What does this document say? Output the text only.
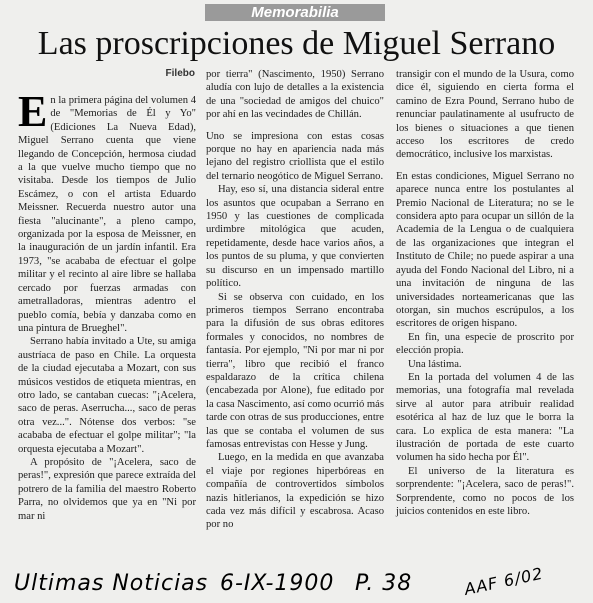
Memorabilia
Las proscripciones de Miguel Serrano
Filebo

En la primera página del volumen 4 de "Memorias de Él y Yo" (Ediciones La Nueva Edad), Miguel Serrano cuenta que viene llegando de Concepción, hermosa ciudad a la que vuelve mucho tiempo que no visitaba. Desde los tiempos de Julio Escámez, o con el artista Eduardo Meissner. Recuerda nuestro autor una fiesta "alucinante", a pleno campo, organizada por la esposa de Meissner, en la inauguración de un jardín infantil. Era 1973, "se acababa de efectuar el golpe militar y el recinto al aire libre se hallaba cercado por fuerzas armadas con ametralladoras, mientras adentro el pueblo comía, bebía y danzaba como en una pintura de Brueghel".

Serrano había invitado a Ute, su amiga austríaca de paso en Chile. La orquesta de la ciudad ejecutaba a Mozart, con sus músicos vestidos de etiqueta mientras, en otro lado, se cantaban cuecas: "¡Acelera, saco de peras. Aserrucha..., saco de peras otra vez...". Nótense dos verbos: "se acababa de efectuar el golpe militar"; "la orquesta ejecutaba a Mozart".

A propósito de "¡Acelera, saco de peras!", expresión que parece extraída del potrero de la familia del maestro Roberto Parra, no olvidemos que ya en "Ni por mar ni

por tierra" (Nascimento, 1950) Serrano aludía con lujo de detalles a la existencia de una "sociedad de amigos del chuico" por ahí en las vecindades de Chillán.

Uno se impresiona con estas cosas porque no hay en apariencia nada más lejano del registro criollista que el estilo del ternario neogótico de Miguel Serrano.

Hay, eso sí, una distancia sideral entre los asuntos que ocupaban a Serrano en 1950 y las cuestiones de complicada urdimbre mitológica que acuden, repetidamente, desde hace varios años, a los puntos de su pluma, y que convierten su discurso en un impensado martillo político.

Si se observa con cuidado, en los primeros tiempos Serrano encontraba para la difusión de sus obras editores formales y conocidos, no nombres de fantasía. Por ejemplo, "Ni por mar ni por tierra", libro que recibió el franco espaldarazo de la crítica chilena (encabezada por Alone), fue editado por la casa Nascimento, así como ocurrió más tarde con otras de sus producciones, entre las que se contaba el volumen de sus famosas entrevistas con Hesse y Jung.

Luego, en la medida en que avanzaba el viaje por regiones hiperbóreas en compañía de controvertidos símbolos nazis hitlerianos, la expedición se hizo cada vez más difícil y escabrosa. Acaso por no

transigir con el mundo de la Usura, como dice él, siguiendo en cierta forma el camino de Ezra Pound, Serrano hubo de renunciar paulatinamente al usufructo de los bienes o situaciones a que tienen acceso los escritores de credo democrático, inclusive los marxistas.

En estas condiciones, Miguel Serrano no aparece nunca entre los postulantes al Premio Nacional de Literatura; no se le considera apto para ocupar un sillón de la Academia de la Lengua o de cualquiera de las organizaciones que integran el Instituto de Chile; no puede aspirar a una ayuda del Fondo Nacional del Libro, ni a una invitación de ninguna de las universidades norteamericanas que las otorgan, sin muchos escrúpulos, a los escritores de origen hispano.

En fin, una especie de proscrito por elección propia.

Una lástima.

En la portada del volumen 4 de las memorias, una fotografía mal revelada sirve al autor para atribuir realidad esotérica al haz de luz que le borra la cara. Lo explica de esta manera: "La ilustración de portada de este cuarto volumen ha sido hecha por Él".

El universo de la literatura es sorprendente: "¡Acelera, saco de peras!". Sorprendente, como no pocos de los juicios contenidos en este libro.

Ultimas Noticias 6-IX-1900 P. 38	AAF 6/02
